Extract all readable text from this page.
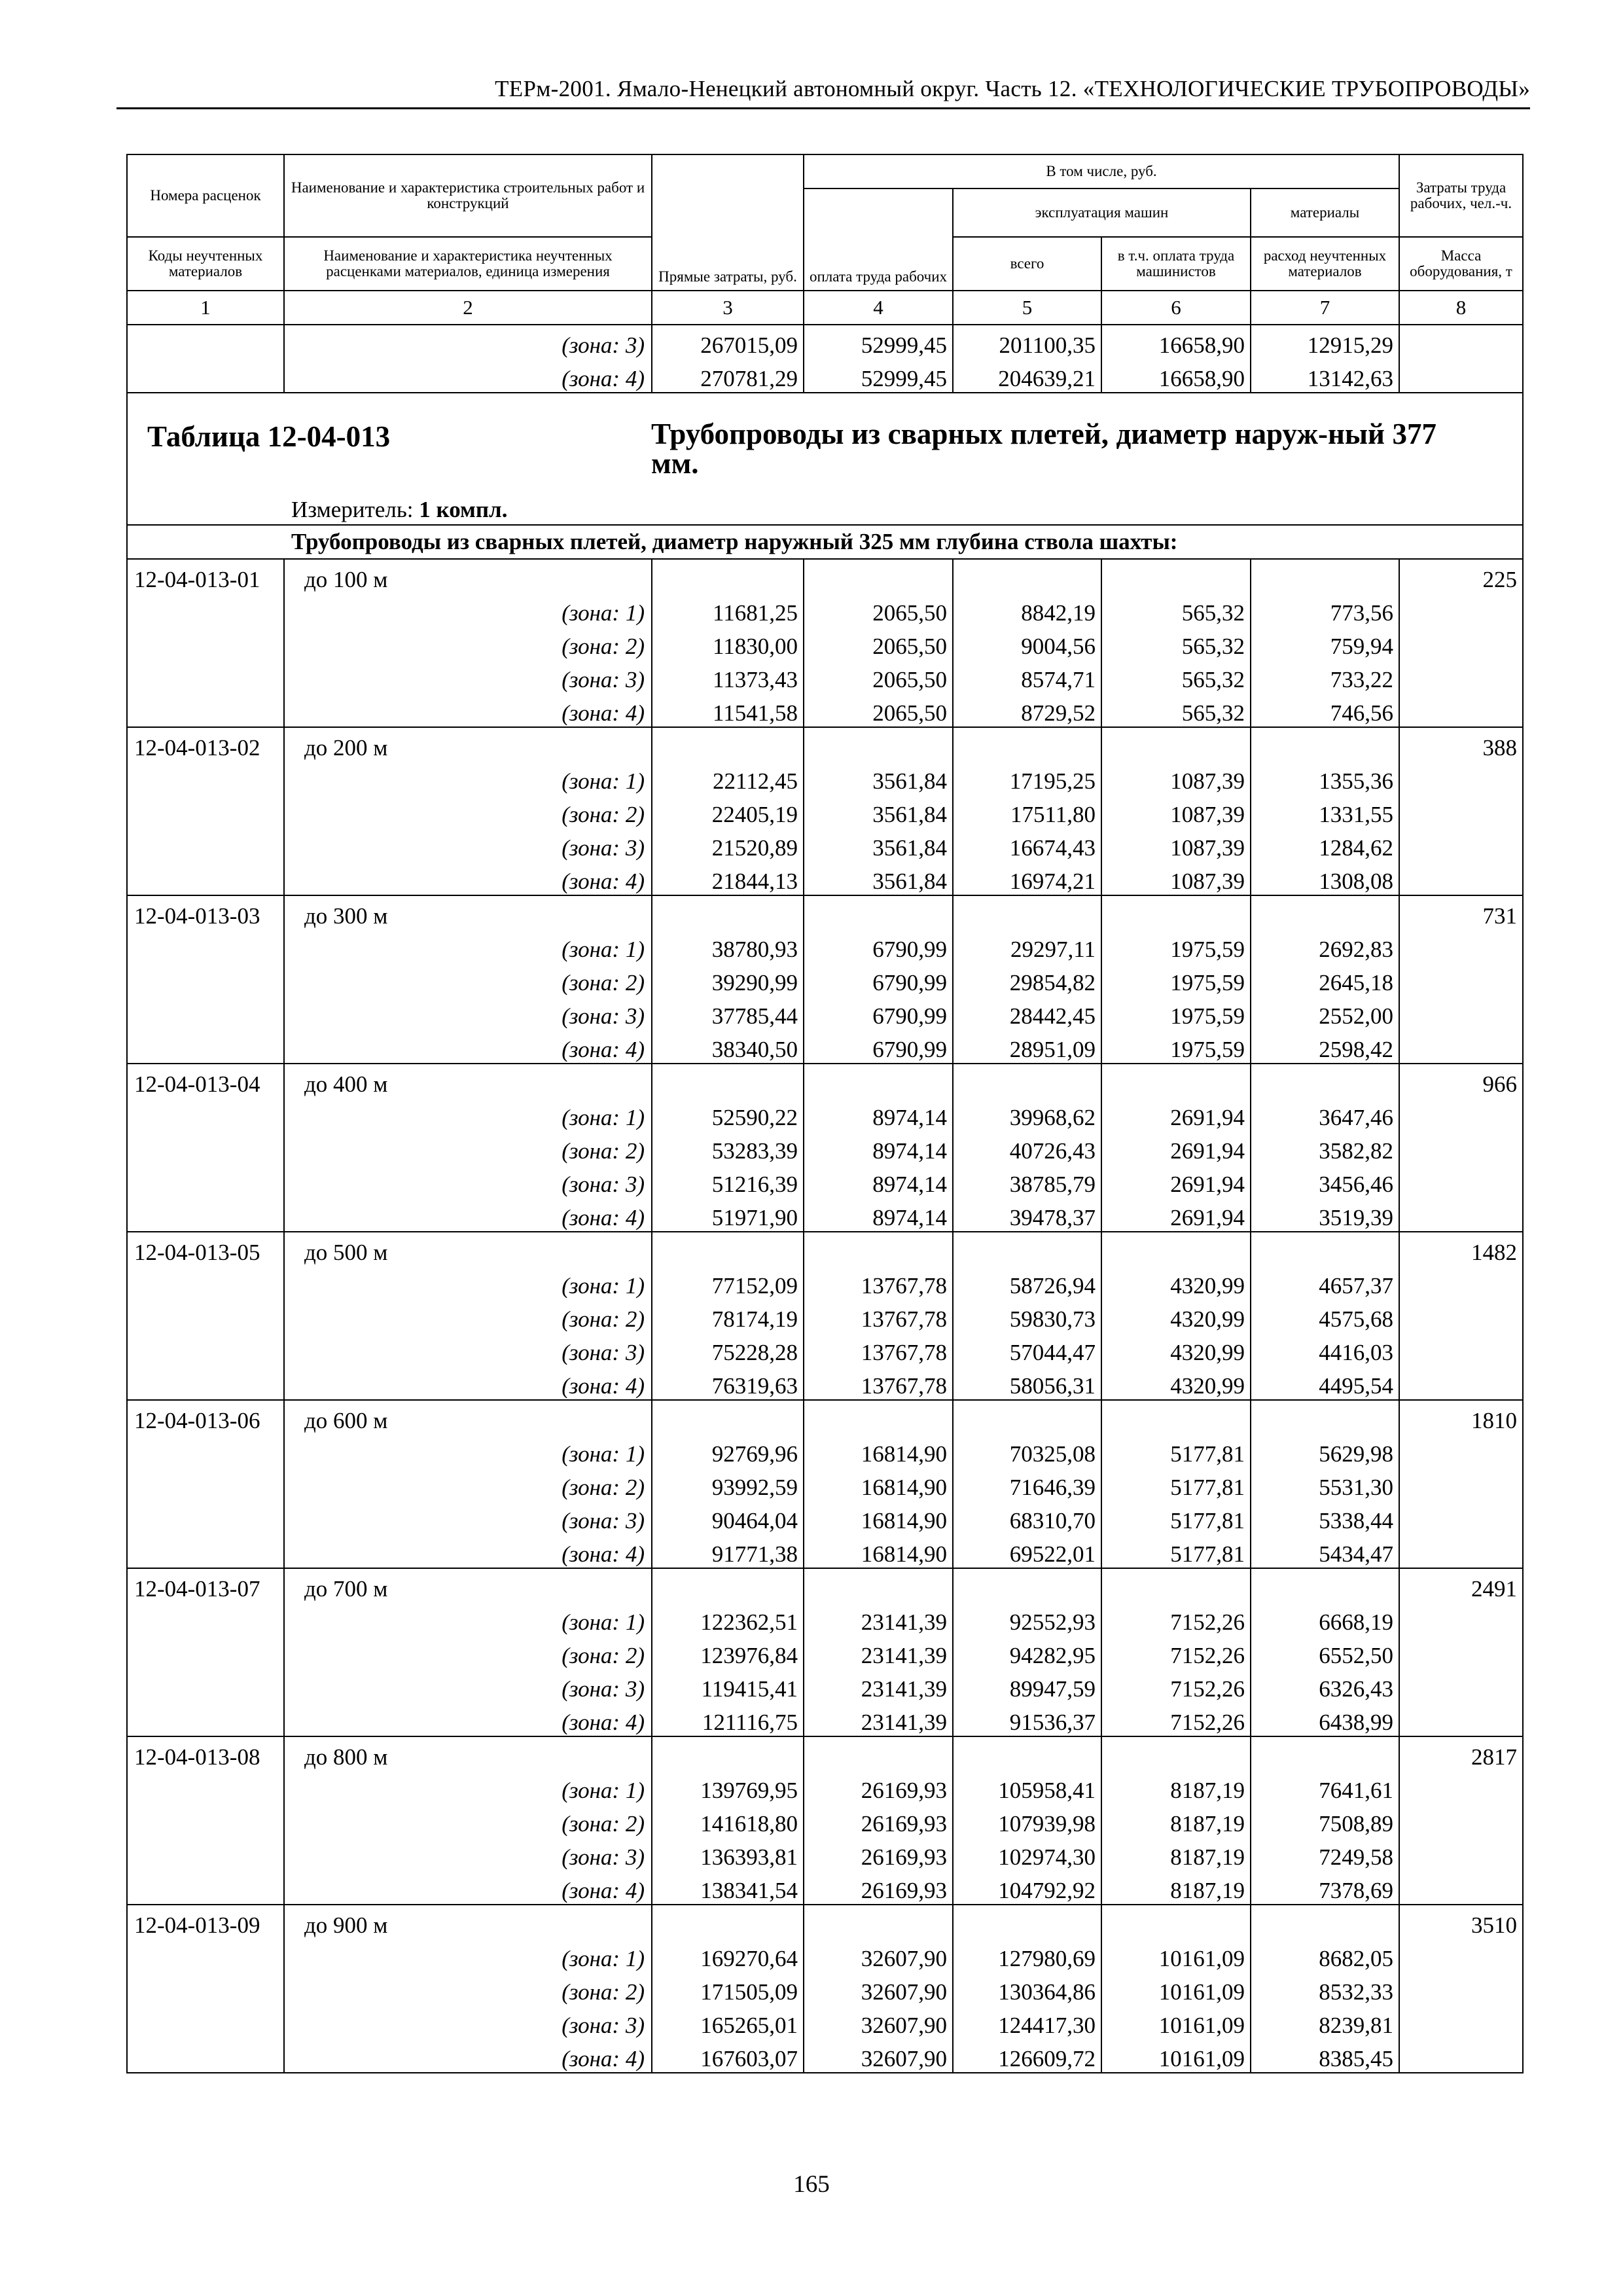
ТЕРм-2001. Ямало-Ненецкий автономный округ. Часть 12. «ТЕХНОЛОГИЧЕСКИЕ ТРУБОПРОВОДЫ»
Номера расценок	Наименование и характеристика строительных работ и конструкций	Прямые затраты, руб.	В том числе, руб.				Затраты труда рабочих, чел.-ч.
			оплата труда рабочих	эксплуатация машин		материалы	
Коды неучтенных материалов	Наименование и характеристика неучтенных расценками материалов, единица измерения			всего	в т.ч. оплата труда машинистов	расход неучтенных материалов	Масса оборудования, т
1	2	3	4	5	6	7	8
	(зона: 3)	267015,09	52999,45	201100,35	16658,90	12915,29	
	(зона: 4)	270781,29	52999,45	204639,21	16658,90	13142,63	

Таблица 12-04-013 Трубопроводы из сварных плетей, диаметр наруж-ный 377 мм.
Измеритель: 1 компл.							

Трубопроводы из сварных плетей, диаметр наружный 325 мм глубина ствола шахты:							
12-04-013-01	до 100 м						225
	(зона: 1)	11681,25	2065,50	8842,19	565,32	773,56	
	(зона: 2)	11830,00	2065,50	9004,56	565,32	759,94	
	(зона: 3)	11373,43	2065,50	8574,71	565,32	733,22	
	(зона: 4)	11541,58	2065,50	8729,52	565,32	746,56	
12-04-013-02	до 200 м						388
	(зона: 1)	22112,45	3561,84	17195,25	1087,39	1355,36	
	(зона: 2)	22405,19	3561,84	17511,80	1087,39	1331,55	
	(зона: 3)	21520,89	3561,84	16674,43	1087,39	1284,62	
	(зона: 4)	21844,13	3561,84	16974,21	1087,39	1308,08	
12-04-013-03	до 300 м						731
	(зона: 1)	38780,93	6790,99	29297,11	1975,59	2692,83	
	(зона: 2)	39290,99	6790,99	29854,82	1975,59	2645,18	
	(зона: 3)	37785,44	6790,99	28442,45	1975,59	2552,00	
	(зона: 4)	38340,50	6790,99	28951,09	1975,59	2598,42	
12-04-013-04	до 400 м						966
	(зона: 1)	52590,22	8974,14	39968,62	2691,94	3647,46	
	(зона: 2)	53283,39	8974,14	40726,43	2691,94	3582,82	
	(зона: 3)	51216,39	8974,14	38785,79	2691,94	3456,46	
	(зона: 4)	51971,90	8974,14	39478,37	2691,94	3519,39	
12-04-013-05	до 500 м						1482
	(зона: 1)	77152,09	13767,78	58726,94	4320,99	4657,37	
	(зона: 2)	78174,19	13767,78	59830,73	4320,99	4575,68	
	(зона: 3)	75228,28	13767,78	57044,47	4320,99	4416,03	
	(зона: 4)	76319,63	13767,78	58056,31	4320,99	4495,54	
12-04-013-06	до 600 м						1810
	(зона: 1)	92769,96	16814,90	70325,08	5177,81	5629,98	
	(зона: 2)	93992,59	16814,90	71646,39	5177,81	5531,30	
	(зона: 3)	90464,04	16814,90	68310,70	5177,81	5338,44	
	(зона: 4)	91771,38	16814,90	69522,01	5177,81	5434,47	
12-04-013-07	до 700 м						2491
	(зона: 1)	122362,51	23141,39	92552,93	7152,26	6668,19	
	(зона: 2)	123976,84	23141,39	94282,95	7152,26	6552,50	
	(зона: 3)	119415,41	23141,39	89947,59	7152,26	6326,43	
	(зона: 4)	121116,75	23141,39	91536,37	7152,26	6438,99	
12-04-013-08	до 800 м						2817
	(зона: 1)	139769,95	26169,93	105958,41	8187,19	7641,61	
	(зона: 2)	141618,80	26169,93	107939,98	8187,19	7508,89	
	(зона: 3)	136393,81	26169,93	102974,30	8187,19	7249,58	
	(зона: 4)	138341,54	26169,93	104792,92	8187,19	7378,69	
12-04-013-09	до 900 м						3510
	(зона: 1)	169270,64	32607,90	127980,69	10161,09	8682,05	
	(зона: 2)	171505,09	32607,90	130364,86	10161,09	8532,33	
	(зона: 3)	165265,01	32607,90	124417,30	10161,09	8239,81	
	(зона: 4)	167603,07	32607,90	126609,72	10161,09	8385,45	
165
